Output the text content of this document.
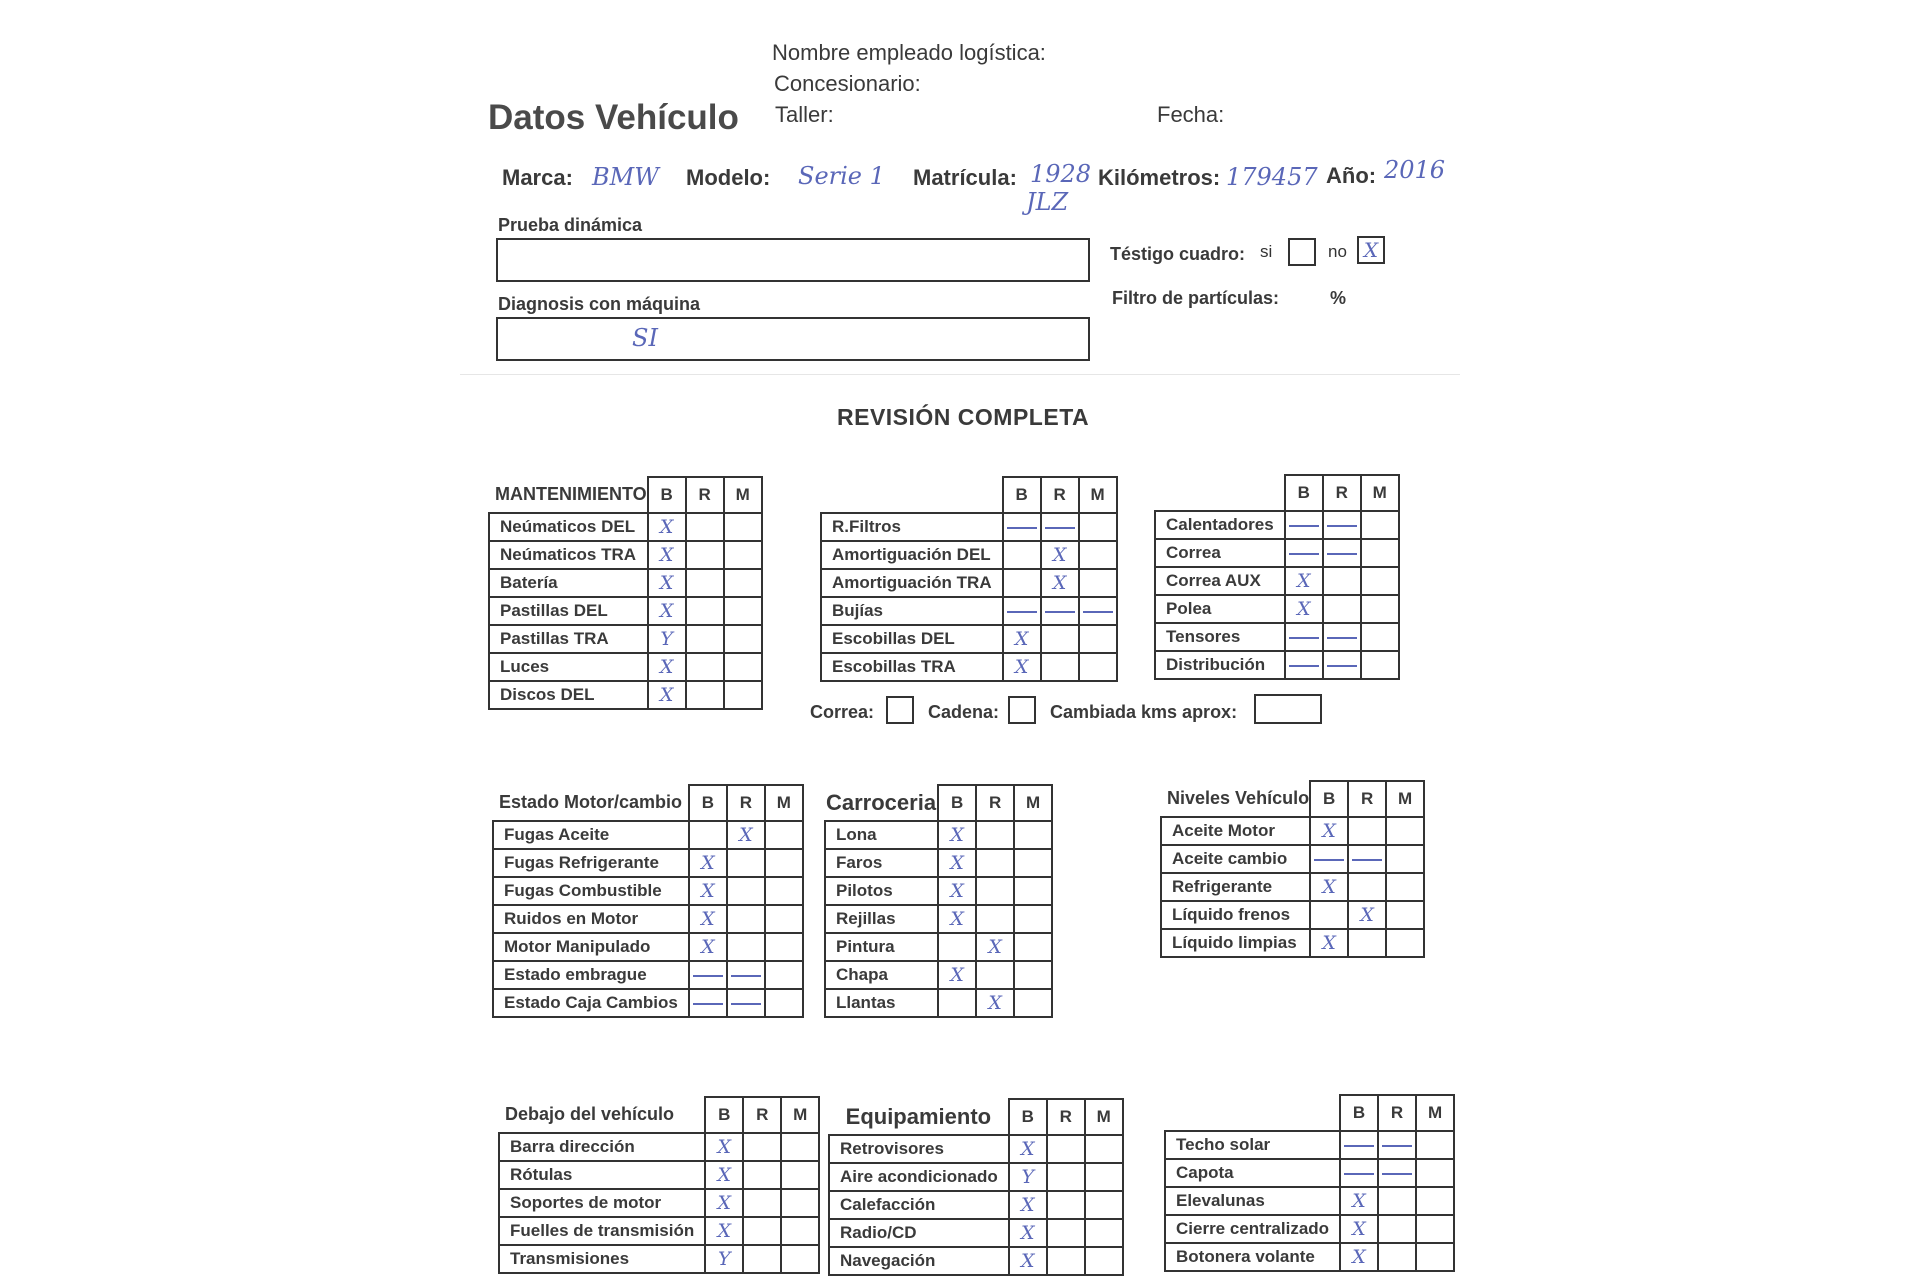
Nombre empleado logística:
Concesionario:
Taller:	Fecha:
Datos Vehículo
Marca: BMW Modelo: Serie 1 Matrícula: 1928
JLZ
Kilómetros: 179457 Año: 2016
Prueba dinámica
Diagnosis con máquina
SI
Téstigo cuadro: si	no X
Filtro de partículas:	%
REVISIÓN COMPLETA
MANTENIMIENTO	B	R	M
Neúmaticos DEL	X		
Neúmaticos TRA	X		
Batería	X		
Pastillas DEL	X		
Pastillas TRA	Y		
Luces	X		
Discos DEL	X		
	B	R	M
R.Filtros			
Amortiguación DEL		X	
Amortiguación TRA		X	
Bujías			
Escobillas DEL	X		
Escobillas TRA	X		
	B	R	M
Calentadores			
Correa			
Correa AUX	X		
Polea	X		
Tensores			
Distribución			
Correa:	Cadena:	Cambiada kms aprox:
Estado Motor/cambio	B	R	M
Fugas Aceite		X	
Fugas Refrigerante	X		
Fugas Combustible	X		
Ruidos en Motor	X		
Motor Manipulado	X		
Estado embrague			
Estado Caja Cambios			
Carroceria	B	R	M
Lona	X		
Faros	X		
Pilotos	X		
Rejillas	X		
Pintura		X	
Chapa	X		
Llantas		X	
Niveles Vehículo	B	R	M
Aceite Motor	X		
Aceite cambio			
Refrigerante	X		
Líquido frenos		X	
Líquido limpias	X		
Debajo del vehículo	B	R	M
Barra dirección	X		
Rótulas	X		
Soportes de motor	X		
Fuelles de transmisión	X		
Transmisiones	Y		
Equipamiento	B	R	M
Retrovisores	X		
Aire acondicionado	Y		
Calefacción	X		
Radio/CD	X		
Navegación	X		
	B	R	M
Techo solar			
Capota			
Elevalunas	X		
Cierre centralizado	X		
Botonera volante	X		
